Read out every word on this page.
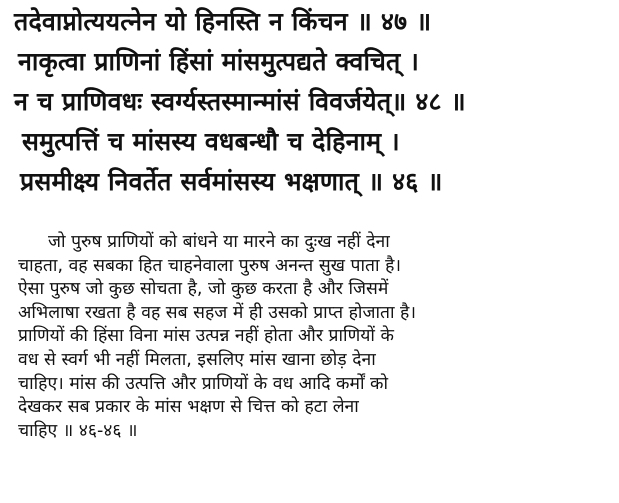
तदेवाप्नोत्ययत्नेन यो हिनस्ति न किंचन ॥ ४७ ॥
नाकृत्वा प्राणिनां हिंसां मांसमुत्पद्यते क्वचित् ।
न च प्राणिवधः स्वर्ग्यस्तस्मान्मांसं विवर्जयेत्॥ ४८ ॥
समुत्पत्तिं च मांसस्य वधबन्धौ च देहिनाम् ।
प्रसमीक्ष्य निवर्तेत सर्वमांसस्य भक्षणात् ॥ ४६ ॥
जो पुरुष प्राणियों को बांधने या मारने का दुःख नहीं देना
चाहता, वह सबका हित चाहनेवाला पुरुष अनन्त सुख पाता है।
ऐसा पुरुष जो कुछ सोचता है, जो कुछ करता है और जिसमें
अभिलाषा रखता है वह सब सहज में ही उसको प्राप्त होजाता है।
प्राणियों की हिंसा विना मांस उत्पन्न नहीं होता और प्राणियों के
वध से स्वर्ग भी नहीं मिलता, इसलिए मांस खाना छोड़ देना
चाहिए। मांस की उत्पत्ति और प्राणियों के वध आदि कर्मों को
देखकर सब प्रकार के मांस भक्षण से चित्त को हटा लेना
चाहिए ॥ ४६-४६ ॥
